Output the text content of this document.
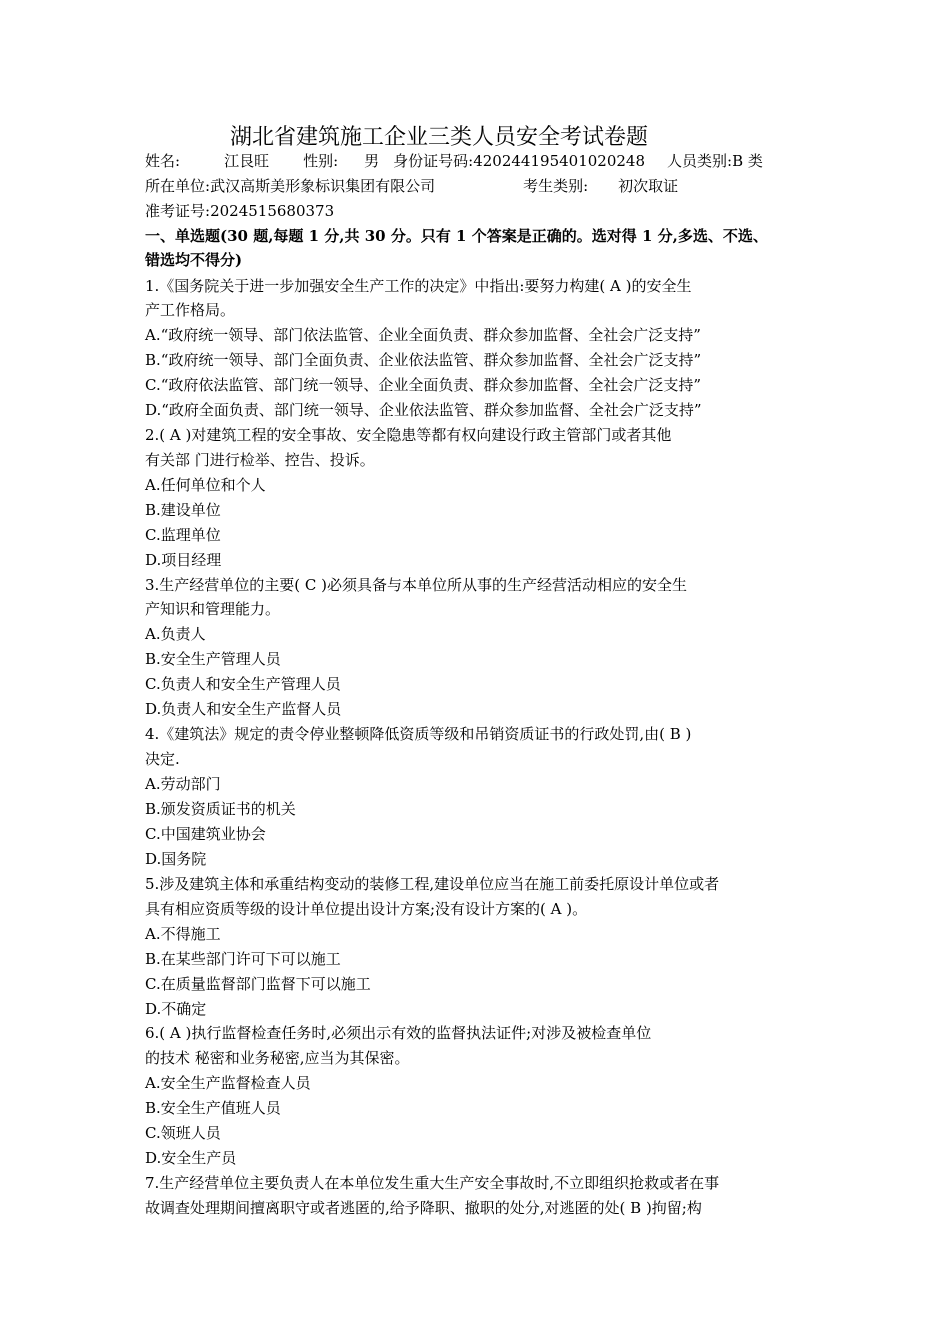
湖北省建筑施工企业三类人员安全考试卷题
姓名:	江艮旺 性别: 男 身份证号码:420244195401020248 人员类别:B 类
所在单位:武汉高斯美形象标识集团有限公司	考生类别: 初次取证
准考证号:2024515680373
一、单选题(30 题,每题 1 分,共 30 分。只有 1 个答案是正确的。选对得 1 分,多选、不选、
错选均不得分)
1.《国务院关于进一步加强安全生产工作的决定》中指出:要努力构建( A )的安全生
产工作格局。
A.“政府统一领导、部门依法监管、企业全面负责、群众参加监督、全社会广泛支持”
B.“政府统一领导、部门全面负责、企业依法监管、群众参加监督、全社会广泛支持”
C.“政府依法监管、部门统一领导、企业全面负责、群众参加监督、全社会广泛支持”
D.“政府全面负责、部门统一领导、企业依法监管、群众参加监督、全社会广泛支持”
2.( A )对建筑工程的安全事故、安全隐患等都有权向建设行政主管部门或者其他
有关部 门进行检举、控告、投诉。
A.任何单位和个人
B.建设单位
C.监理单位
D.项目经理
3.生产经营单位的主要( C )必须具备与本单位所从事的生产经营活动相应的安全生
产知识和管理能力。
A.负责人
B.安全生产管理人员
C.负责人和安全生产管理人员
D.负责人和安全生产监督人员
4.《建筑法》规定的责令停业整顿降低资质等级和吊销资质证书的行政处罚,由( B )
决定.
A.劳动部门
B.颁发资质证书的机关
C.中国建筑业协会
D.国务院
5.涉及建筑主体和承重结构变动的装修工程,建设单位应当在施工前委托原设计单位或者
具有相应资质等级的设计单位提出设计方案;没有设计方案的( A )。
A.不得施工
B.在某些部门许可下可以施工
C.在质量监督部门监督下可以施工
D.不确定
6.( A )执行监督检查任务时,必须出示有效的监督执法证件;对涉及被检查单位
的技术 秘密和业务秘密,应当为其保密。
A.安全生产监督检查人员
B.安全生产值班人员
C.领班人员
D.安全生产员
7.生产经营单位主要负责人在本单位发生重大生产安全事故时,不立即组织抢救或者在事
故调查处理期间擅离职守或者逃匿的,给予降职、撤职的处分,对逃匿的处( B )拘留;构
